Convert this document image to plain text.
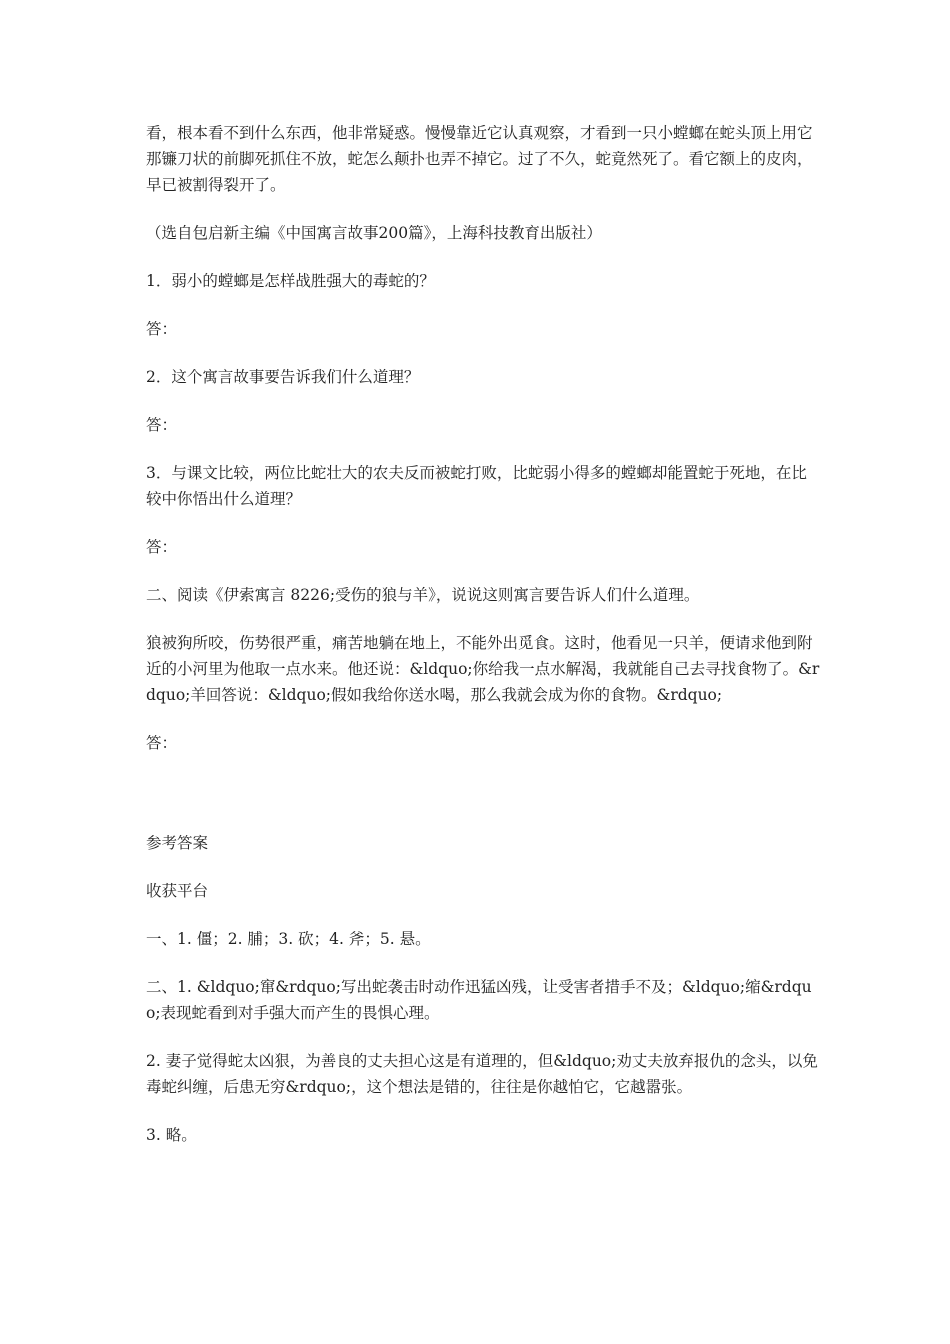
看，根本看不到什么东西，他非常疑惑。慢慢靠近它认真观察，才看到一只小螳螂在蛇头顶上用它那镰刀状的前脚死抓住不放，蛇怎么颠扑也弄不掉它。过了不久，蛇竟然死了。看它额上的皮肉，早已被割得裂开了。

（选自包启新主编《中国寓言故事200篇》，上海科技教育出版社）

1．弱小的螳螂是怎样战胜强大的毒蛇的？

答：

2．这个寓言故事要告诉我们什么道理？

答：

3．与课文比较，两位比蛇壮大的农夫反而被蛇打败，比蛇弱小得多的螳螂却能置蛇于死地，在比较中你悟出什么道理？

答：

二、阅读《伊索寓言 8226;受伤的狼与羊》，说说这则寓言要告诉人们什么道理。

狼被狗所咬，伤势很严重，痛苦地躺在地上，不能外出觅食。这时，他看见一只羊，便请求他到附近的小河里为他取一点水来。他还说：&ldquo;你给我一点水解渴，我就能自己去寻找食物了。&rdquo;羊回答说：&ldquo;假如我给你送水喝，那么我就会成为你的食物。&rdquo;

答：

参考答案

收获平台

一、1. 僵；2. 脯；3. 砍；4. 斧；5. 悬。

二、1. &ldquo;窜&rdquo;写出蛇袭击时动作迅猛凶残，让受害者措手不及；&ldquo;缩&rdquo;表现蛇看到对手强大而产生的畏惧心理。

2. 妻子觉得蛇太凶狠，为善良的丈夫担心这是有道理的，但&ldquo;劝丈夫放弃报仇的念头，以免毒蛇纠缠，后患无穷&rdquo;，这个想法是错的，往往是你越怕它，它越嚣张。

3. 略。
